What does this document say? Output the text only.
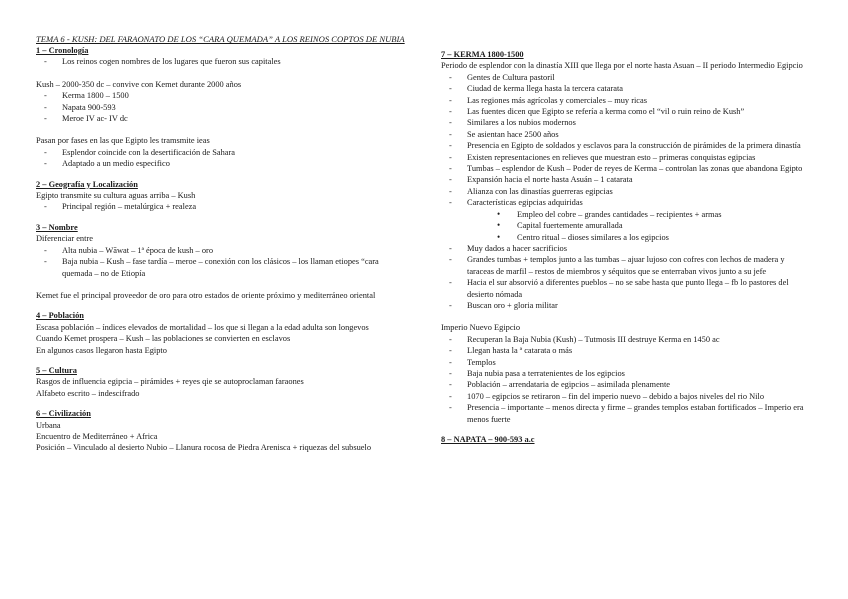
TEMA 6 - KUSH: DEL FARAONATO DE LOS “CARA QUEMADA” A LOS REINOS COPTOS DE NUBIA
1 – Cronología
- Los reinos cogen nombres de los lugares que fueron sus capitales
Kush – 2000-350 dc – convive con Kemet durante 2000 años
- Kerma 1800 – 1500
- Napata 900-593
- Meroe IV ac- IV dc
Pasan por fases en las que Egipto les tramsmite ieas
- Esplendor coincide con la desertificación de Sahara
- Adaptado a un medio especifico
2 – Geografía y Localización
Egipto transmite su cultura aguas arriba – Kush
- Principal región – metalúrgica + realeza
3 – Nombre
Diferenciar entre
- Alta nubia – Wāwat – 1ª época de kush – oro
- Baja nubia – Kush – fase tardía – meroe – conexión con los clásicos – los llaman etiopes “cara quemada – no de Etiopía
Kemet fue el principal proveedor de oro para otro estados de oriente próximo y mediterráneo oriental
4 – Población
Escasa población – índices elevados de mortalidad – los que si llegan a la edad adulta son longevos
Cuando Kemet prospera – Kush – las poblaciones se convierten en esclavos
En algunos casos llegaron hasta Egipto
5 – Cultura
Rasgos de influencia egipcia – pirámides + reyes qie se autoproclaman faraones
Alfabeto escrito – indescifrado
6 – Civilización
Urbana
Encuentro de Mediterráneo + Africa
Posición – Vinculado al desierto Nubio – Llanura rocosa de Piedra Arenisca + riquezas del subsuelo
7 – KERMA 1800-1500
Periodo de esplendor con la dinastía XIII que llega por el norte hasta Asuan – II periodo Intermedio Egipcio
- Gentes de Cultura pastoril
- Ciudad de kerma llega hasta la tercera catarata
- Las regiones más agrícolas y comerciales – muy ricas
- Las fuentes dicen que Egipto se refería a kerma como el “vil o ruin reino de Kush”
- Similares a los nubios modernos
- Se asientan hace 2500 años
- Presencia en Egipto de soldados y esclavos para la construcción de pirámides de la primera dinastía
- Existen representaciones en relieves que muestran esto – primeras conquistas egipcias
- Tumbas – esplendor de Kush – Poder de reyes de Kerma – controlan las zonas que abandona Egipto
- Expansión hacia el norte hasta Asuán – 1 catarata
- Alianza con las dinastías guerreras egipcias
- Características egipcias adquiridas
• Empleo del cobre – grandes cantidades – recipientes + armas
• Capital fuertemente amurallada
• Centro ritual – dioses similares a los egipcios
- Muy dados a hacer sacrificios
- Grandes tumbas + templos junto a las tumbas – ajuar lujoso con cofres con lechos de madera y taraceas de marfil – restos de miembros y séquitos que se enterraban vivos junto a su jefe
- Hacia el sur absorvió a diferentes pueblos – no se sabe hasta que punto llega – fb lo pastores del desierto nómada
- Buscan oro + gloria militar
Imperio Nuevo Egipcio
- Recuperan la Baja Nubia (Kush) – Tutmosis III destruye Kerma en 1450 ac
- Llegan hasta la ª catarata o más
- Templos
- Baja nubia pasa a terratenientes de los egipcios
- Población – arrendataria de egipcios – asimilada plenamente
- 1070 – egipcios se retiraron – fin del imperio nuevo – debido a bajos niveles del rio Nilo
- Presencia – importante – menos directa y firme – grandes templos estaban fortificados – Imperio era menos fuerte
8 – NAPATA – 900-593 a.c
